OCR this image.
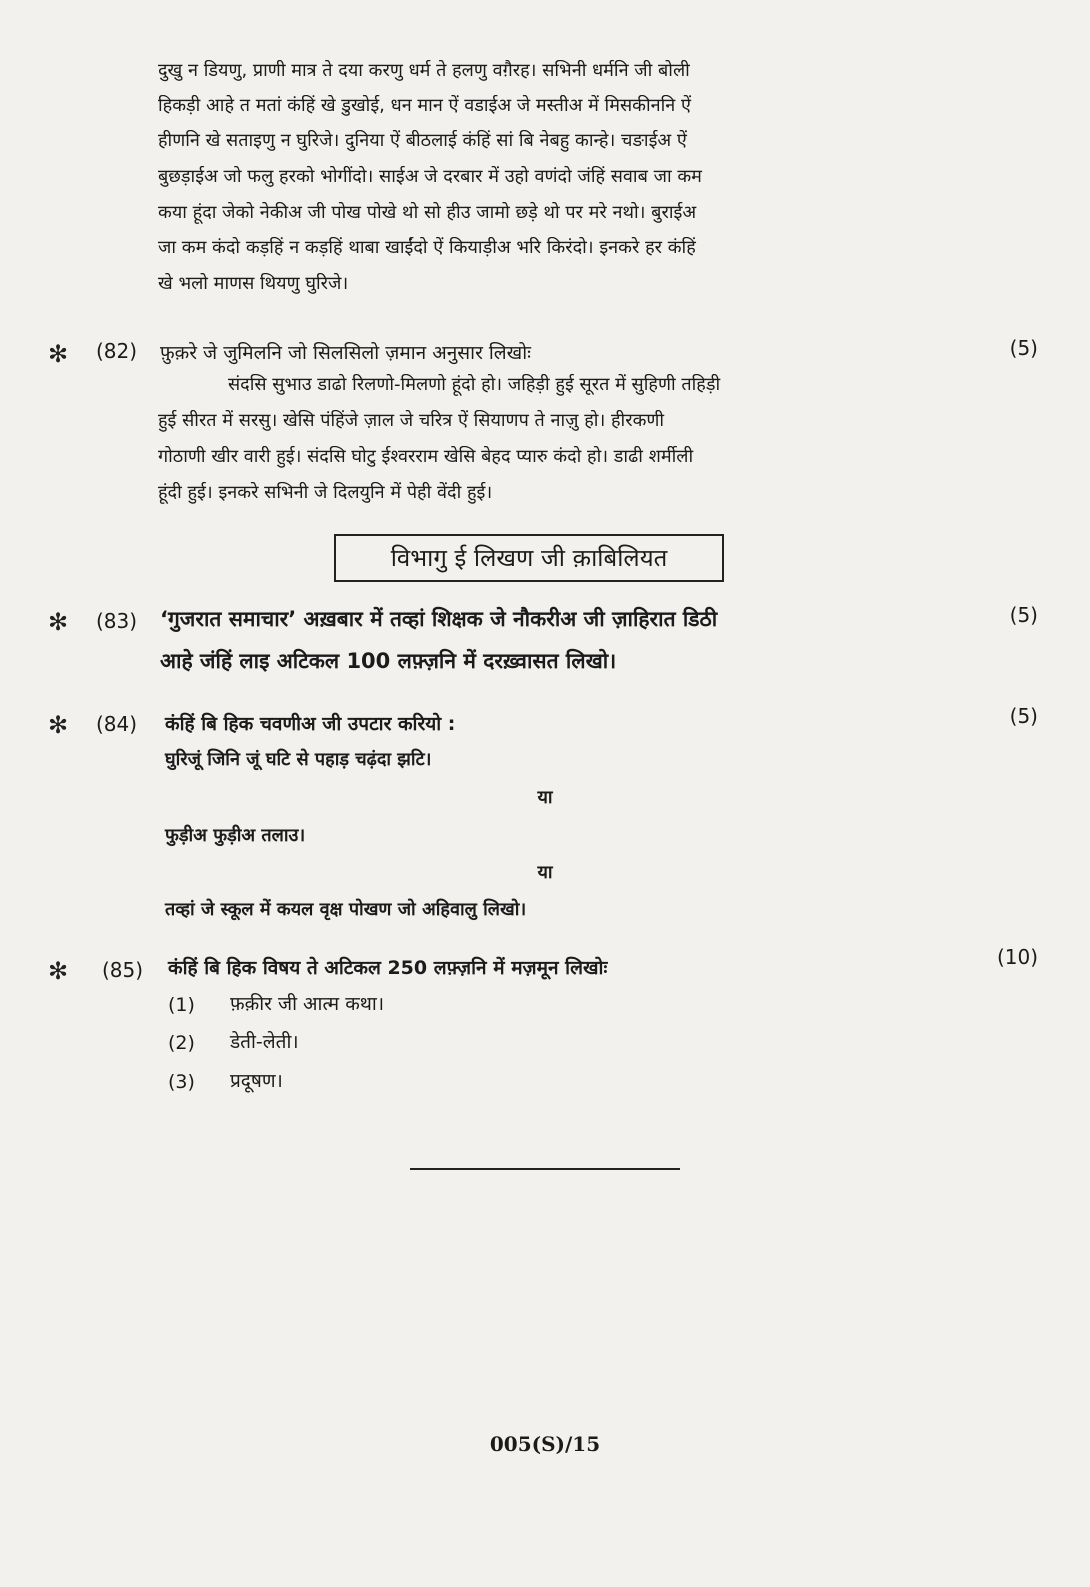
दुखु न डियणु, प्राणी मात्र ते दया करणु धर्म ते हलणु वग़ैरह। सभिनी धर्मनि जी बोली
हिकड़ी आहे त मतां कंहिं खे डुखोई, धन मान ऐं वडाईअ जे मस्तीअ में मिसकीननि ऐं
हीणनि खे सताइणु न घुरिजे। दुनिया ऐं बीठलाई कंहिं सां बि नेबहु कान्हे। चङाईअ ऐं
बुछड़ाईअ जो फलु हरको भोगींदो। साईअ जे दरबार में उहो वणंदो जंहिं सवाब जा कम
कया हूंदा जेको नेकीअ जी पोख पोखे थो सो हीउ जामो छड़े थो पर मरे नथो। बुराईअ
जा कम कंदो कड़हिं न कड़हिं थाबा खाईंदो ऐं कियाड़ीअ भरि किरंदो। इनकरे हर कंहिं
खे भलो माणस थियणु घुरिजे।
✻ (82) फ़ुक़रे जे जुमिलनि जो सिलसिलो ज़मान अनुसार लिखोः	(5)
संदसि सुभाउ डाढो रिलणो-मिलणो हूंदो हो। जहिड़ी हुई सूरत में सुहिणी तहिड़ी
हुई सीरत में सरसु। खेसि पंहिंजे ज़ाल जे चरित्र ऐं सियाणप ते नाज़ु हो। हीरकणी
गोठाणी खीर वारी हुई। संदसि घोटु ईश्वरराम खेसि बेहद प्यारु कंदो हो। डाढी शर्मीली
हूंदी हुई। इनकरे सभिनी जे दिलयुनि में पेही वेंदी हुई।
विभागु ई लिखण जी क़ाबिलियत
✻ (83) ‘गुजरात समाचार’ अख़बार में तव्हां शिक्षक जे नौकरीअ जी ज़ाहिरात डिठी
आहे जंहिं लाइ अटिकल 100 लफ़्ज़नि में दरख़्वासत लिखो।
(5)
✻ (84) कंहिं बि हिक चवणीअ जी उपटार करियो :	(5)
घुरिजूं जिनि जूं घटि से पहाड़ चढ़ंदा झटि।
या
फुड़ीअ फुड़ीअ तलाउ।
या
तव्हां जे स्कूल में कयल वृक्ष पोखण जो अहिवालु लिखो।
✻ (85) कंहिं बि हिक विषय ते अटिकल 250 लफ़्ज़नि में मज़मून लिखोः	(10)
(1) फ़क़ीर जी आत्म कथा।
(2) डेती-लेती।
(3) प्रदूषण।
005(S)/15
